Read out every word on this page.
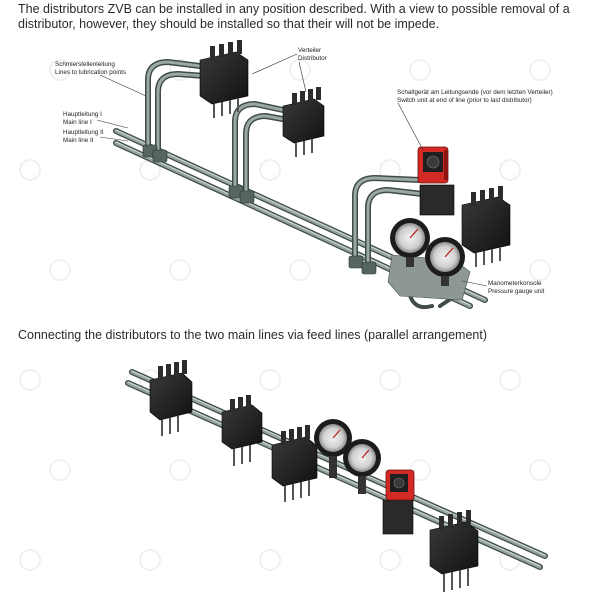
The distributors ZVB can be installed in any position described. With a view to possible removal of a distributor, however, they should be installed so that their will not be impede.

Connecting the distributors to the two main lines via feed lines (parallel arrangement)

Schmierstellenleitung Lines to lubrication points
Verteiler Distributor
Hauptleitung I Main line I
Hauptleitung II Main line II
Schaltgerät am Leitungsende (vor dem letzten Verteiler) Switch unit at end of line (prior to last distributor)
Manometerkonsole Pressure gauge unit
